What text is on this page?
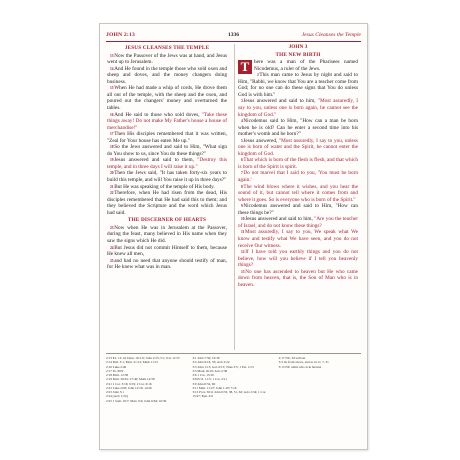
JOHN 2:13	1336	Jesus Cleanses the Temple
JESUS CLEANSES THE TEMPLE

$^{13}$Now the Passover of the Jews was at hand, and Jesus went up to Jerusalem.

$^{14}$And He found in the temple those who sold oxen and sheep and doves, and the money changers doing business.

$^{15}$When He had made a whip of cords, He drove them all out of the temple, with the sheep and the oxen, and poured out the changers' money and overturned the tables.

$^{16}$And He said to those who sold doves, "Take these things away! Do not make My Father's house a house of merchandise!"

$^{17}$Then His disciples remembered that it was written, "Zeal for Your house has eaten Me up."

$^{18}$So the Jews answered and said to Him, "What sign do You show to us, since You do these things?"

$^{19}$Jesus answered and said to them, "Destroy this temple, and in three days I will raise it up."

$^{20}$Then the Jews said, "It has taken forty-six years to build this temple, and will You raise it up in three days?"

$^{21}$But He was speaking of the temple of His body.

$^{22}$Therefore, when He had risen from the dead, His disciples remembered that He had said this to them; and they believed the Scripture and the word which Jesus had said.

THE DISCERNER OF HEARTS

$^{23}$Now when He was in Jerusalem at the Passover, during the feast, many believed in His name when they saw the signs which He did.

$^{24}$But Jesus did not commit Himself to them, because He knew all men,

$^{25}$and had no need that anyone should testify of man, for He knew what was in man.

JOHN 3
THE NEW BIRTH

T here was a man of the Pharisees named Nicodemus, a ruler of the Jews.

$^2$This man came to Jesus by night and said to Him, "Rabbi, we know that You are a teacher come from God; for no one can do these signs that You do unless God is with him."

$^3$Jesus answered and said to him, "Most assuredly, I say to you, unless one is born again, he cannot see the kingdom of God."

$^4$Nicodemus said to Him, "How can a man be born when he is old? Can he enter a second time into his mother's womb and be born?"

$^5$Jesus answered, "Most assuredly, I say to you, unless one is born of water and the Spirit, he cannot enter the kingdom of God.

$^6$That which is born of the flesh is flesh, and that which is born of the Spirit is spirit.

$^7$Do not marvel that I said to you, 'You must be born again.'

$^8$The wind blows where it wishes, and you hear the sound of it, but cannot tell where it comes from and where it goes. So is everyone who is born of the Spirit."

$^9$Nicodemus answered and said to Him, "How can these things be?"

$^{10}$Jesus answered and said to him, "Are you the teacher of Israel, and do not know these things?

$^{11}$Most assuredly, I say to you, We speak what We know and testify what We have seen, and you do not receive Our witness.

$^{12}$If I have told you earthly things and you do not believe, how will you believe if I tell you heavenly things?

$^{13}$No one has ascended to heaven but He who came down from heaven, that is, the Son of Man who is in heaven.

2:13 Ex. 12:14; Deut. 16:1-6; John 2:23; 5:1; 6:4; 11:55

2:14 Mal. 3:1; Matt. 21:12; Mark 11:15

2:16 Luke 2:49

2:17 Ps. 69:9

2:18 Matt. 12:38

2:19 Matt. 26:61; 27:40; Mark 14:58

2:21 1 Cor. 3:16; 6:19; 2 Cor. 6:16

2:22 Luke 24:8; John 12:16; 14:26

2:23 John 5:1

2:24 [Acts 1:24]

2:25 1 Sam. 16:7; Matt. 9:4; John 6:64; 16:30

3:1 John 7:50; 19:39

3:2 John 9:16, 33; Acts 2:22

3:3 John 1:13; Gal. 6:15; Titus 3:5; 1 Pet. 1:23

3:5 Mark 16:16; Acts 2:38

3:6 1 Cor. 15:50

3:8 Eccl. 11:5; 1 Cor. 2:11

3:9 John 6:52, 60

3:11 Matt. 11:27; John 1:18; 7:16

3:13 Prov. 30:4; John 6:33, 38, 51, 62; Acts 2:34; 1 Cor. 15:47; Eph. 4:9

2:17 NU, M will eat

3:3 Or from above, and so in vv. 7, 31

3:13 NU omits who is in heaven
